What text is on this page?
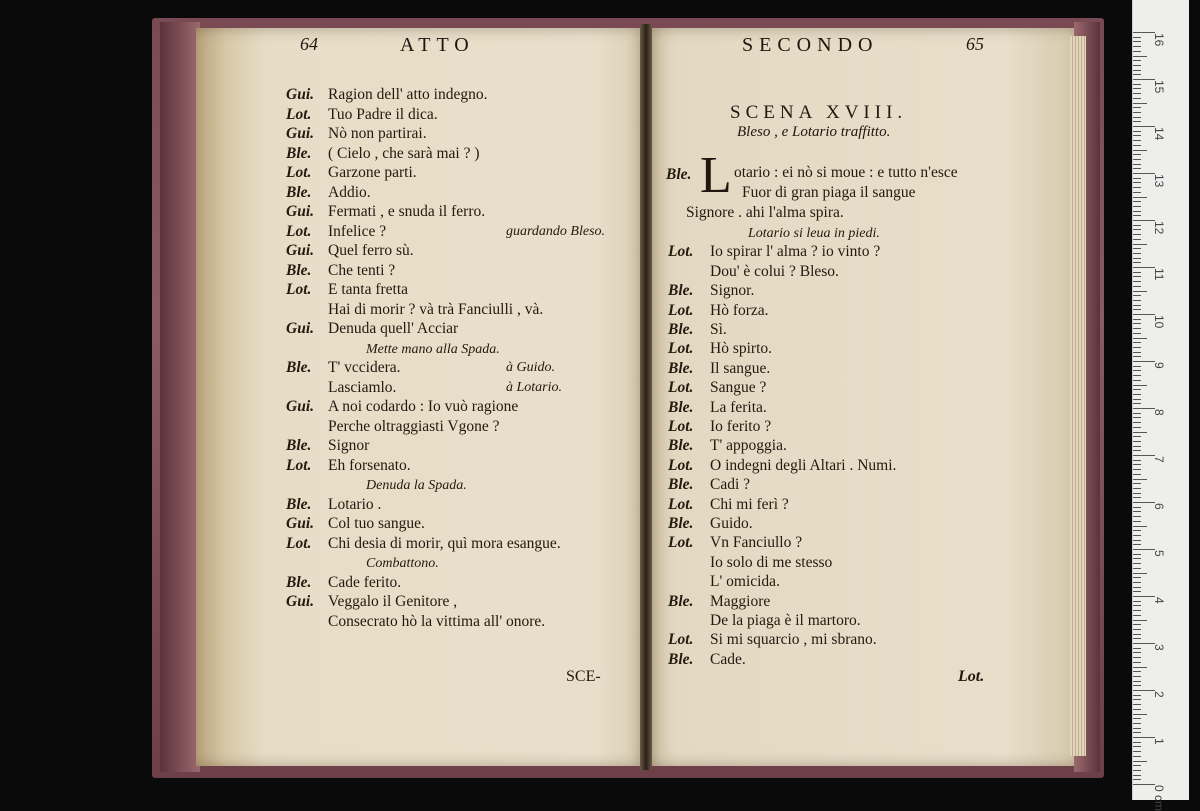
64	ATTO	SECONDO	65
Gui. Ragion dell' atto indegno.
Lot. Tuo Padre il dica.
Gui. Nò non partirai.
Ble. ( Cielo , che sarà mai ? )
Lot. Garzone parti.
Ble. Addio.
Gui. Fermati , e snuda il ferro.
Lot. Infelice ?	guardando Bleso.
Gui. Quel ferro sù.
Ble. Che tenti ?
Lot. E tanta fretta
Hai di morir ? và trà Fanciulli , và.
Gui. Denuda quell' Acciar
Mette mano alla Spada.
Ble. T' vccidera.	à Guido.
Lasciamlo.	à Lotario.
Gui. A noi codardo : Io vuò ragione
Perche oltraggiasti Vgone ?
Ble. Signor
Lot. Eh forsenato.
Denuda la Spada.
Ble. Lotario .
Gui. Col tuo sangue.
Lot. Chi desia di morir, quì mora esangue.
Combattono.
Ble. Cade ferito.
Gui. Veggalo il Genitore ,
Consecrato hò la vittima all' onore.
SCE-
SCENA XVIII.
Bleso , e Lotario traffitto.
Ble. L otario : ei nò si moue : e tutto n'esce
Fuor di gran piaga il sangue
Signore . ahi l'alma spira.
Lotario si leua in piedi.
Lot. Io spirar l' alma ? io vinto ?
Dou' è colui ? Bleso.
Ble. Signor.
Lot. Hò forza.
Ble. Sì.
Lot. Hò spirto.
Ble. Il sangue.
Lot. Sangue ?
Ble. La ferita.
Lot. Io ferito ?
Ble. T' appoggia.
Lot. O indegni degli Altari . Numi.
Ble. Cadi ?
Lot. Chi mi ferì ?
Ble. Guido.
Lot. Vn Fanciullo ?
Io solo di me stesso
L' omicida.
Ble. Maggiore
De la piaga è il martoro.
Lot. Si mi squarcio , mi sbrano.
Ble. Cade.
Lot.
0 cm
1
2
3
4
5
6
7
8
9
10
11
12
13
14
15
16
